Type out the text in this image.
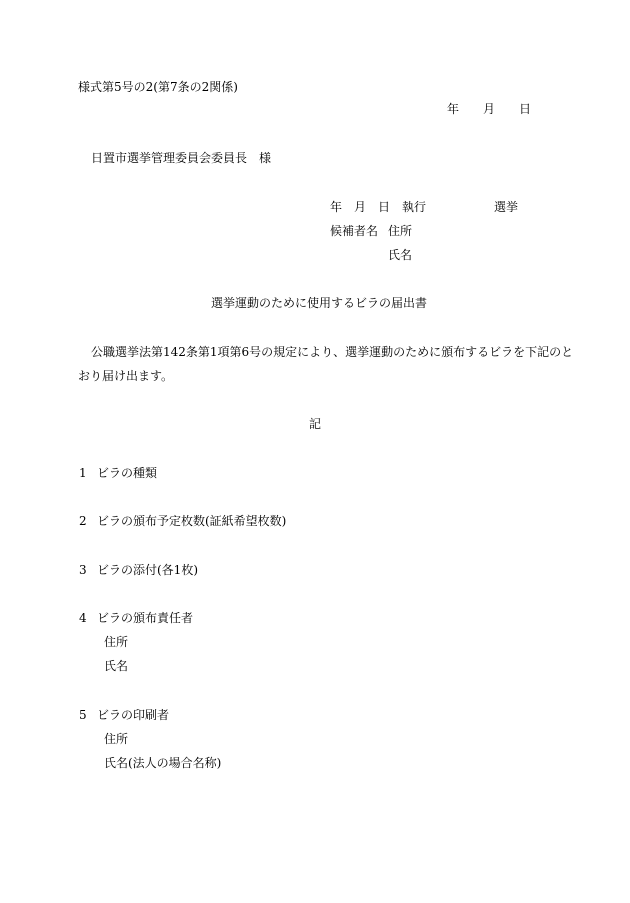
様式第5号の2(第7条の2関係)
年 月 日
日置市選挙管理委員会委員長　様
年 月 日 執行	選挙
候補者名 住所
氏名
選挙運動のために使用するビラの届出書
公職選挙法第142条第1項第6号の規定により、選挙運動のために頒布するビラを下記のと
おり届け出ます。
記
1 ビラの種類
2 ビラの頒布予定枚数(証紙希望枚数)
3 ビラの添付(各1枚)
4 ビラの頒布責任者
住所
氏名
5 ビラの印刷者
住所
氏名(法人の場合名称)
